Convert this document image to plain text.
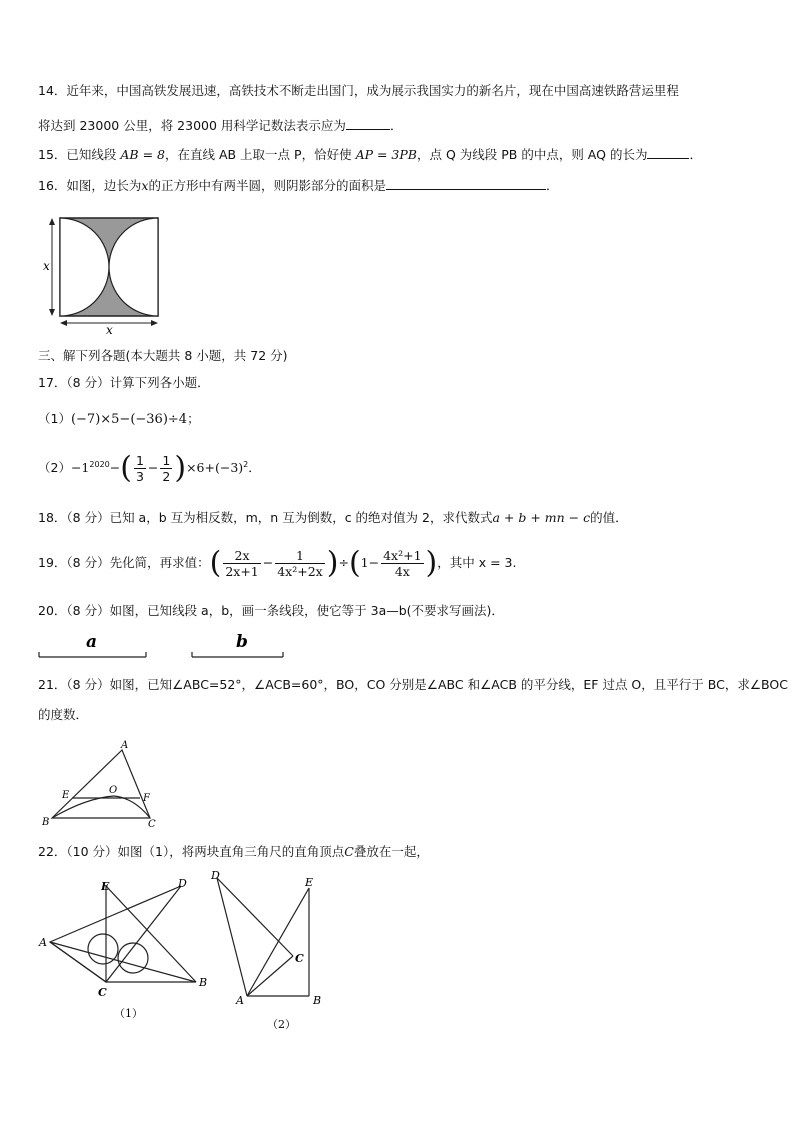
14．近年来，中国高铁发展迅速，高铁技术不断走出国门，成为展示我国实力的新名片，现在中国高速铁路营运里程
将达到 23000 公里，将 23000 用科学记数法表示应为	．
15．已知线段 AB = 8，在直线 AB 上取一点 P，恰好使 AP = 3PB，点 Q 为线段 PB 的中点，则 AQ 的长为	．
16．如图，边长为x的正方形中有两半圆，则阴影部分的面积是	．
x
x
三、解下列各题(本大题共 8 小题，共 72 分)
17．（8 分）计算下列各小题．
（1）(−7)×5−(−36)÷4；
$(2)-1^{2020}-( \frac{1}{3} - \frac{1}{2} )\times 6+(-3)^2$．
18．（8 分）已知 a，b 互为相反数，m，n 互为倒数，c 的绝对值为 2，求代数式a + b + mn − c的值．
19．（8 分）先化简，再求值：( $\frac{2x}{2x+1} - \frac{1}{\text{4x²+2x}} )\div(1- \frac{\text{4x²+1}}{4x}$ )，其中 x = 3.
20．（8 分）如图，已知线段 a，b，画一条线段，使它等于 3a—b(不要求写画法)．
a	b
21．（8 分）如图，已知∠ABC=52°，∠ACB=60°，BO，CO 分别是∠ABC 和∠ACB 的平分线，EF 过点 O，且平行于 BC，求∠BOC
的度数．
A
B	C
E	F
O
22．（10 分）如图（1），将两块直角三角尺的直角顶点C叠放在一起，
A
B
C
D
E
（1）
D
E
C
A	B
（2）
